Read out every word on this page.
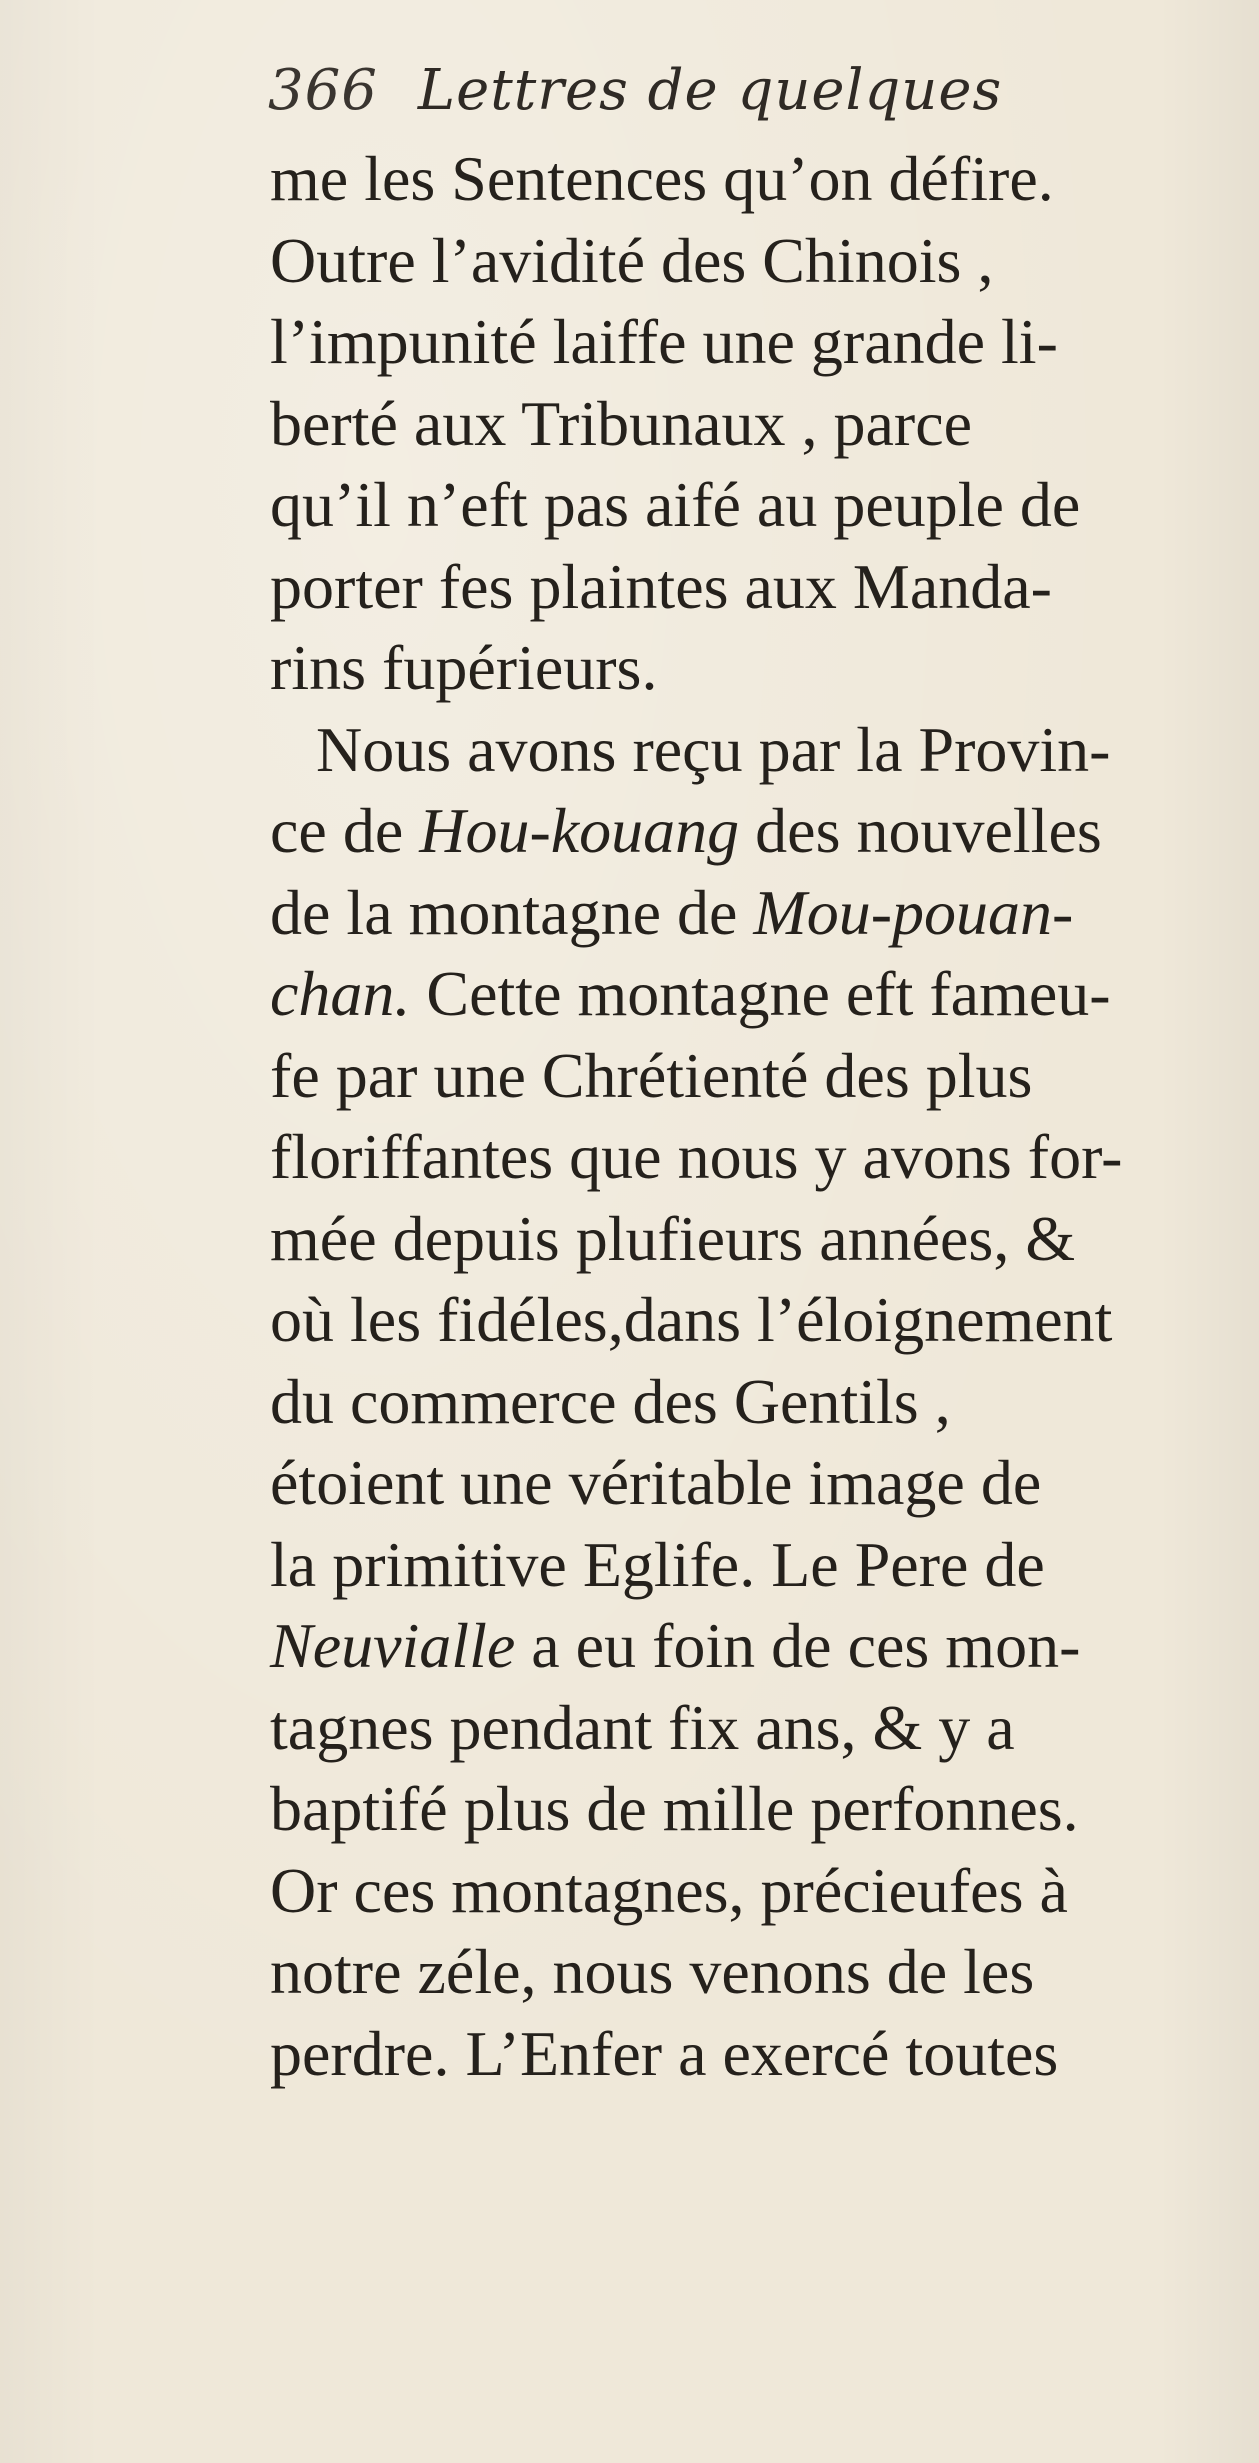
366 Lettres de quelques
me les Sentences qu’on défire.
Outre l’avidité des Chinois ,
l’impunité laiffe une grande li-
berté aux Tribunaux , parce
qu’il n’eft pas aifé au peuple de
porter fes plaintes aux Manda-
rins fupérieurs.
Nous avons reçu par la Provin-
ce de Hou-kouang des nouvelles
de la montagne de Mou-pouan-
chan. Cette montagne eft fameu-
fe par une Chrétienté des plus
floriffantes que nous y avons for-
mée depuis plufieurs années, &
où les fidéles,dans l’éloignement
du commerce des Gentils ,
étoient une véritable image de
la primitive Eglife. Le Pere de
Neuvialle a eu foin de ces mon-
tagnes pendant fix ans, & y a
baptifé plus de mille perfonnes.
Or ces montagnes, précieufes à
notre zéle, nous venons de les
perdre. L’Enfer a exercé toutes
